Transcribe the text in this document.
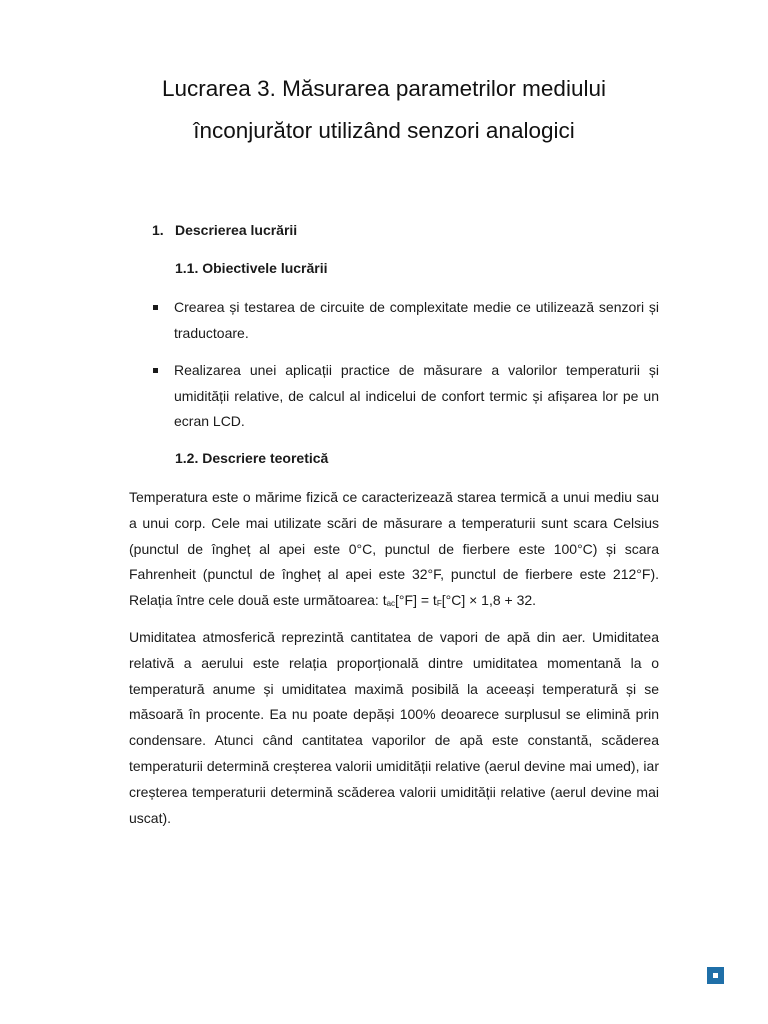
Lucrarea 3. Măsurarea parametrilor mediului
înconjurător utilizând senzori analogici
1. Descrierea lucrării
1.1. Obiectivele lucrării
Crearea și testarea de circuite de complexitate medie ce utilizează senzori și traductoare.
Realizarea unei aplicații practice de măsurare a valorilor temperaturii și umidității relative, de calcul al indicelui de confort termic și afișarea lor pe un ecran LCD.
1.2. Descriere teoretică

Temperatura este o mărime fizică ce caracterizează starea termică a unui mediu sau a unui corp. Cele mai utilizate scări de măsurare a temperaturii sunt scara Celsius (punctul de îngheț al apei este 0°C, punctul de fierbere este 100°C) și scara Fahrenheit (punctul de îngheț al apei este 32°F, punctul de fierbere este 212°F). Relația între cele două este următoarea: $t_{ac}[^\circ F] = t_F[^\circ C] \times 1,8 + 32$.

Umiditatea atmosferică reprezintă cantitatea de vapori de apă din aer. Umiditatea relativă a aerului este relația proporțională dintre umiditatea momentană la o temperatură anume și umiditatea maximă posibilă la aceeași temperatură și se măsoară în procente. Ea nu poate depăși 100% deoarece surplusul se elimină prin condensare. Atunci când cantitatea vaporilor de apă este constantă, scăderea temperaturii determină creșterea valorii umidității relative (aerul devine mai umed), iar creșterea temperaturii determină scăderea valorii umidității relative (aerul devine mai uscat).
